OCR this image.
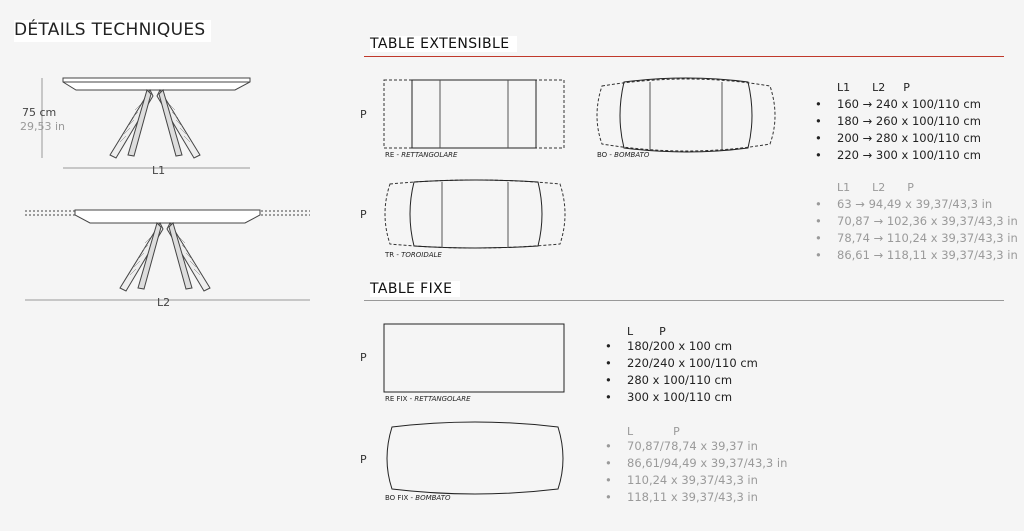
DÉTAILS TECHNIQUES
75 cm
29,53 in
L1
L2
TABLE EXTENSIBLE
P
RE - RETTANGOLARE	BO - BOMBATO
P
TR - TOROIDALE
L1 L2 P
• 160 → 240 x 100/110 cm
• 180 → 260 x 100/110 cm
• 200 → 280 x 100/110 cm
• 220 → 300 x 100/110 cm
L1 L2 P
• 63 → 94,49 x 39,37/43,3 in
• 70,87 → 102,36 x 39,37/43,3 in
• 78,74 → 110,24 x 39,37/43,3 in
• 86,61 → 118,11 x 39,37/43,3 in
TABLE FIXE
P
RE FIX - RETTANGOLARE
P
BO FIX - BOMBATO
L P
• 180/200 x 100 cm
• 220/240 x 100/110 cm
• 280 x 100/110 cm
• 300 x 100/110 cm
L	P
• 70,87/78,74 x 39,37 in
• 86,61/94,49 x 39,37/43,3 in
• 110,24 x 39,37/43,3 in
• 118,11 x 39,37/43,3 in
